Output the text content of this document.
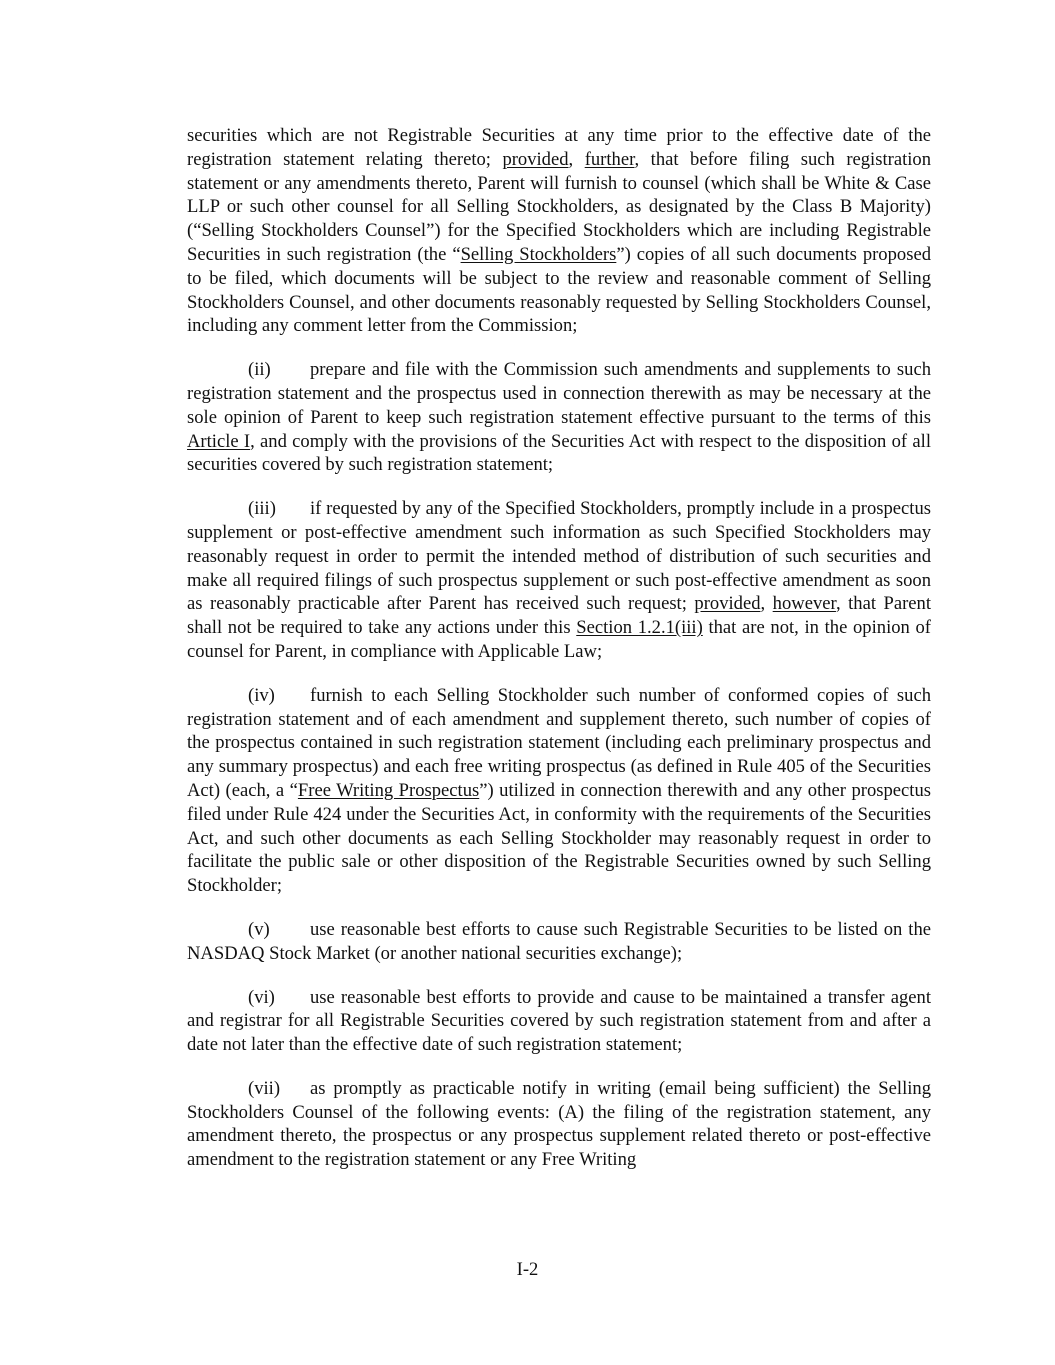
securities which are not Registrable Securities at any time prior to the effective date of the registration statement relating thereto; provided, further, that before filing such registration statement or any amendments thereto, Parent will furnish to counsel (which shall be White & Case LLP or such other counsel for all Selling Stockholders, as designated by the Class B Majority) (“Selling Stockholders Counsel”) for the Specified Stockholders which are including Registrable Securities in such registration (the “Selling Stockholders”) copies of all such documents proposed to be filed, which documents will be subject to the review and reasonable comment of Selling Stockholders Counsel, and other documents reasonably requested by Selling Stockholders Counsel, including any comment letter from the Commission;

(ii) prepare and file with the Commission such amendments and supplements to such registration statement and the prospectus used in connection therewith as may be necessary at the sole opinion of Parent to keep such registration statement effective pursuant to the terms of this Article I, and comply with the provisions of the Securities Act with respect to the disposition of all securities covered by such registration statement;

(iii) if requested by any of the Specified Stockholders, promptly include in a prospectus supplement or post-effective amendment such information as such Specified Stockholders may reasonably request in order to permit the intended method of distribution of such securities and make all required filings of such prospectus supplement or such post-effective amendment as soon as reasonably practicable after Parent has received such request; provided, however, that Parent shall not be required to take any actions under this Section 1.2.1(iii) that are not, in the opinion of counsel for Parent, in compliance with Applicable Law;

(iv) furnish to each Selling Stockholder such number of conformed copies of such registration statement and of each amendment and supplement thereto, such number of copies of the prospectus contained in such registration statement (including each preliminary prospectus and any summary prospectus) and each free writing prospectus (as defined in Rule 405 of the Securities Act) (each, a “Free Writing Prospectus”) utilized in connection therewith and any other prospectus filed under Rule 424 under the Securities Act, in conformity with the requirements of the Securities Act, and such other documents as each Selling Stockholder may reasonably request in order to facilitate the public sale or other disposition of the Registrable Securities owned by such Selling Stockholder;

(v) use reasonable best efforts to cause such Registrable Securities to be listed on the NASDAQ Stock Market (or another national securities exchange);

(vi) use reasonable best efforts to provide and cause to be maintained a transfer agent and registrar for all Registrable Securities covered by such registration statement from and after a date not later than the effective date of such registration statement;

(vii) as promptly as practicable notify in writing (email being sufficient) the Selling Stockholders Counsel of the following events: (A) the filing of the registration statement, any amendment thereto, the prospectus or any prospectus supplement related thereto or post-effective amendment to the registration statement or any Free Writing

I-2
